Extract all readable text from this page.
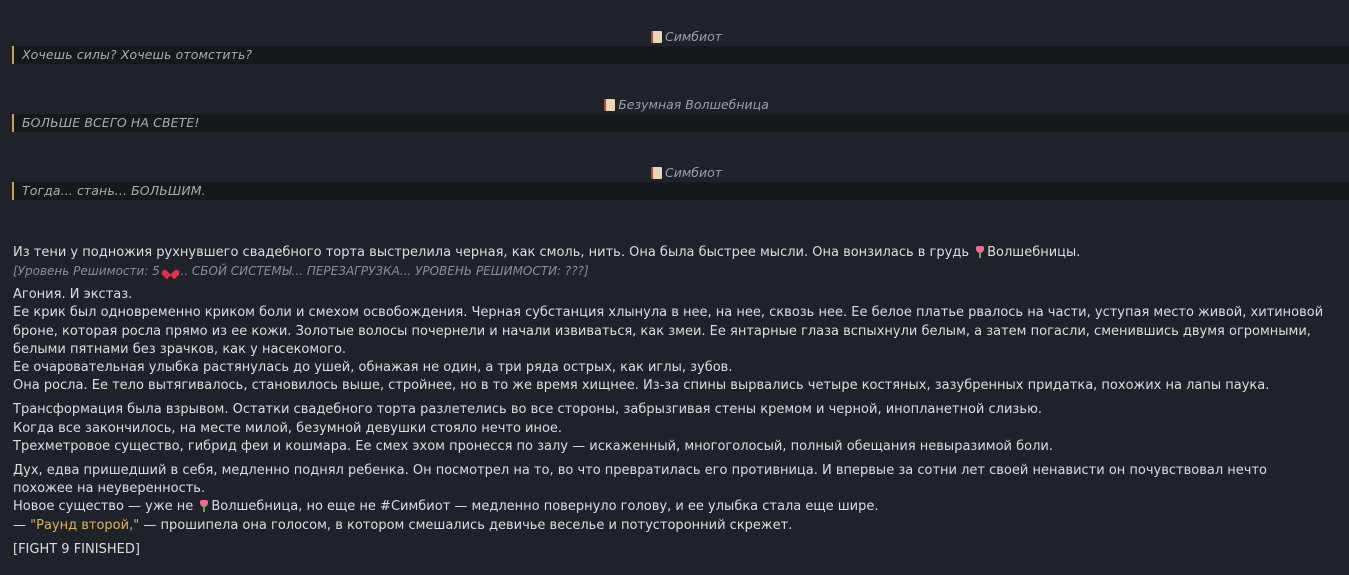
Симбиот
Хочешь силы? Хочешь отомстить?
Безумная Волшебница
БОЛЬШЕ ВСЕГО НА СВЕТЕ!
Симбиот
Тогда... стань... БОЛЬШИМ.

Из тени у подножия рухнувшего свадебного торта выстрелила черная, как смоль, нить. Она была быстрее мысли. Она вонзилась в грудь Волшебницы.

[Уровень Решимости: 5 ... СБОЙ СИСТЕМЫ... ПЕРЕЗАГРУЗКА... УРОВЕНЬ РЕШИМОСТИ: ???]

Агония. И экстаз.

Ее крик был одновременно криком боли и смехом освобождения. Черная субстанция хлынула в нее, на нее, сквозь нее. Ее белое платье рвалось на части, уступая место живой, хитиновой броне, которая росла прямо из ее кожи. Золотые волосы почернели и начали извиваться, как змеи. Ее янтарные глаза вспыхнули белым, а затем погасли, сменившись двумя огромными, белыми пятнами без зрачков, как у насекомого.

Ее очаровательная улыбка растянулась до ушей, обнажая не один, а три ряда острых, как иглы, зубов.

Она росла. Ее тело вытягивалось, становилось выше, стройнее, но в то же время хищнее. Из-за спины вырвались четыре костяных, зазубренных придатка, похожих на лапы паука.

Трансформация была взрывом. Остатки свадебного торта разлетелись во все стороны, забрызгивая стены кремом и черной, инопланетной слизью.

Когда все закончилось, на месте милой, безумной девушки стояло нечто иное.

Трехметровое существо, гибрид феи и кошмара. Ее смех эхом пронесся по залу — искаженный, многоголосый, полный обещания невыразимой боли.

Дух, едва пришедший в себя, медленно поднял ребенка. Он посмотрел на то, во что превратилась его противница. И впервые за сотни лет своей ненависти он почувствовал нечто похожее на неуверенность.

Новое существо — уже не Волшебница, но еще не #Симбиот — медленно повернуло голову, и ее улыбка стала еще шире.

— "Раунд второй," — прошипела она голосом, в котором смешались девичье веселье и потусторонний скрежет.

[FIGHT 9 FINISHED]
